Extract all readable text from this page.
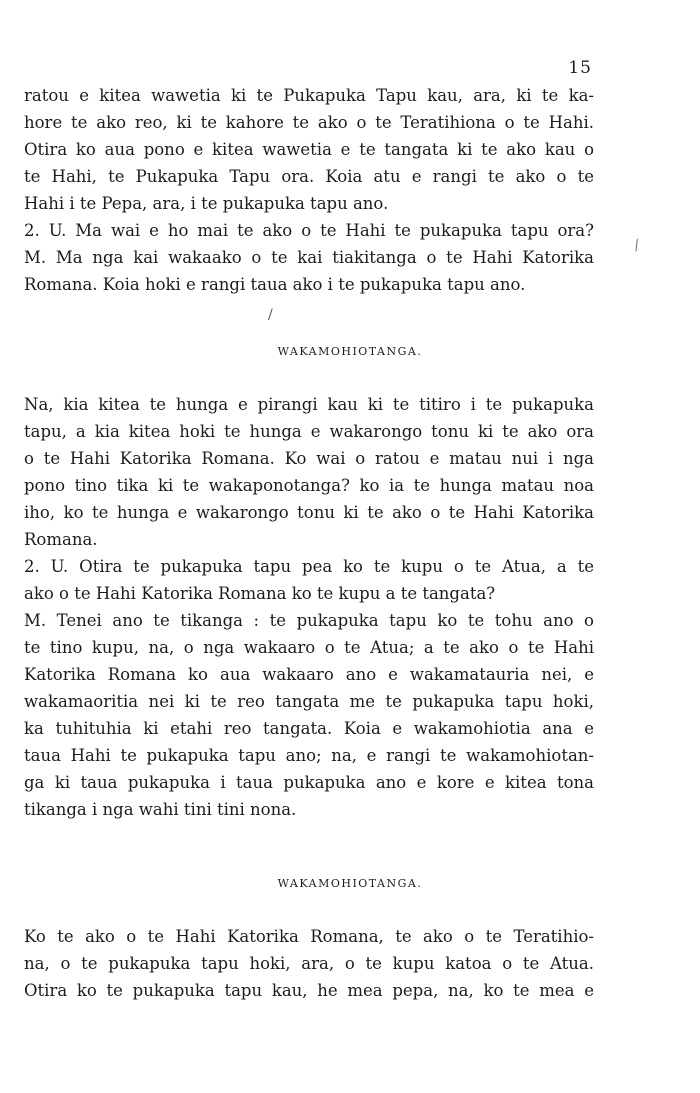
15
ratou e kitea wawetia ki te Pukapuka Tapu kau, ara, ki te ka-
hore te ako reo, ki te kahore te ako o te Teratihiona o te Hahi.
Otira ko aua pono e kitea wawetia e te tangata ki te ako kau o
te Hahi, te Pukapuka Tapu ora. Koia atu e rangi te ako o te
Hahi i te Pepa, ara, i te pukapuka tapu ano.
2. U. Ma wai e ho mai te ako o te Hahi te pukapuka tapu ora?
M. Ma nga kai wakaako o te kai tiakitanga o te Hahi Katorika
Romana. Koia hoki e rangi taua ako i te pukapuka tapu ano.
⁄
/
WAKAMOHIOTANGA.
Na, kia kitea te hunga e pirangi kau ki te titiro i te pukapuka
tapu, a kia kitea hoki te hunga e wakarongo tonu ki te ako ora
o te Hahi Katorika Romana. Ko wai o ratou e matau nui i nga
pono tino tika ki te wakaponotanga? ko ia te hunga matau noa
iho, ko te hunga e wakarongo tonu ki te ako o te Hahi Katorika
Romana.
2. U. Otira te pukapuka tapu pea ko te kupu o te Atua, a te
ako o te Hahi Katorika Romana ko te kupu a te tangata?
M. Tenei ano te tikanga : te pukapuka tapu ko te tohu ano o
te tino kupu, na, o nga wakaaro o te Atua; a te ako o te Hahi
Katorika Romana ko aua wakaaro ano e wakamatauria nei, e
wakamaoritia nei ki te reo tangata me te pukapuka tapu hoki,
ka tuhituhia ki etahi reo tangata. Koia e wakamohiotia ana e
taua Hahi te pukapuka tapu ano; na, e rangi te wakamohiotan-
ga ki taua pukapuka i taua pukapuka ano e kore e kitea tona
tikanga i nga wahi tini tini nona.
WAKAMOHIOTANGA.
Ko te ako o te Hahi Katorika Romana, te ako o te Teratihio-
na, o te pukapuka tapu hoki, ara, o te kupu katoa o te Atua.
Otira ko te pukapuka tapu kau, he mea pepa, na, ko te mea e
